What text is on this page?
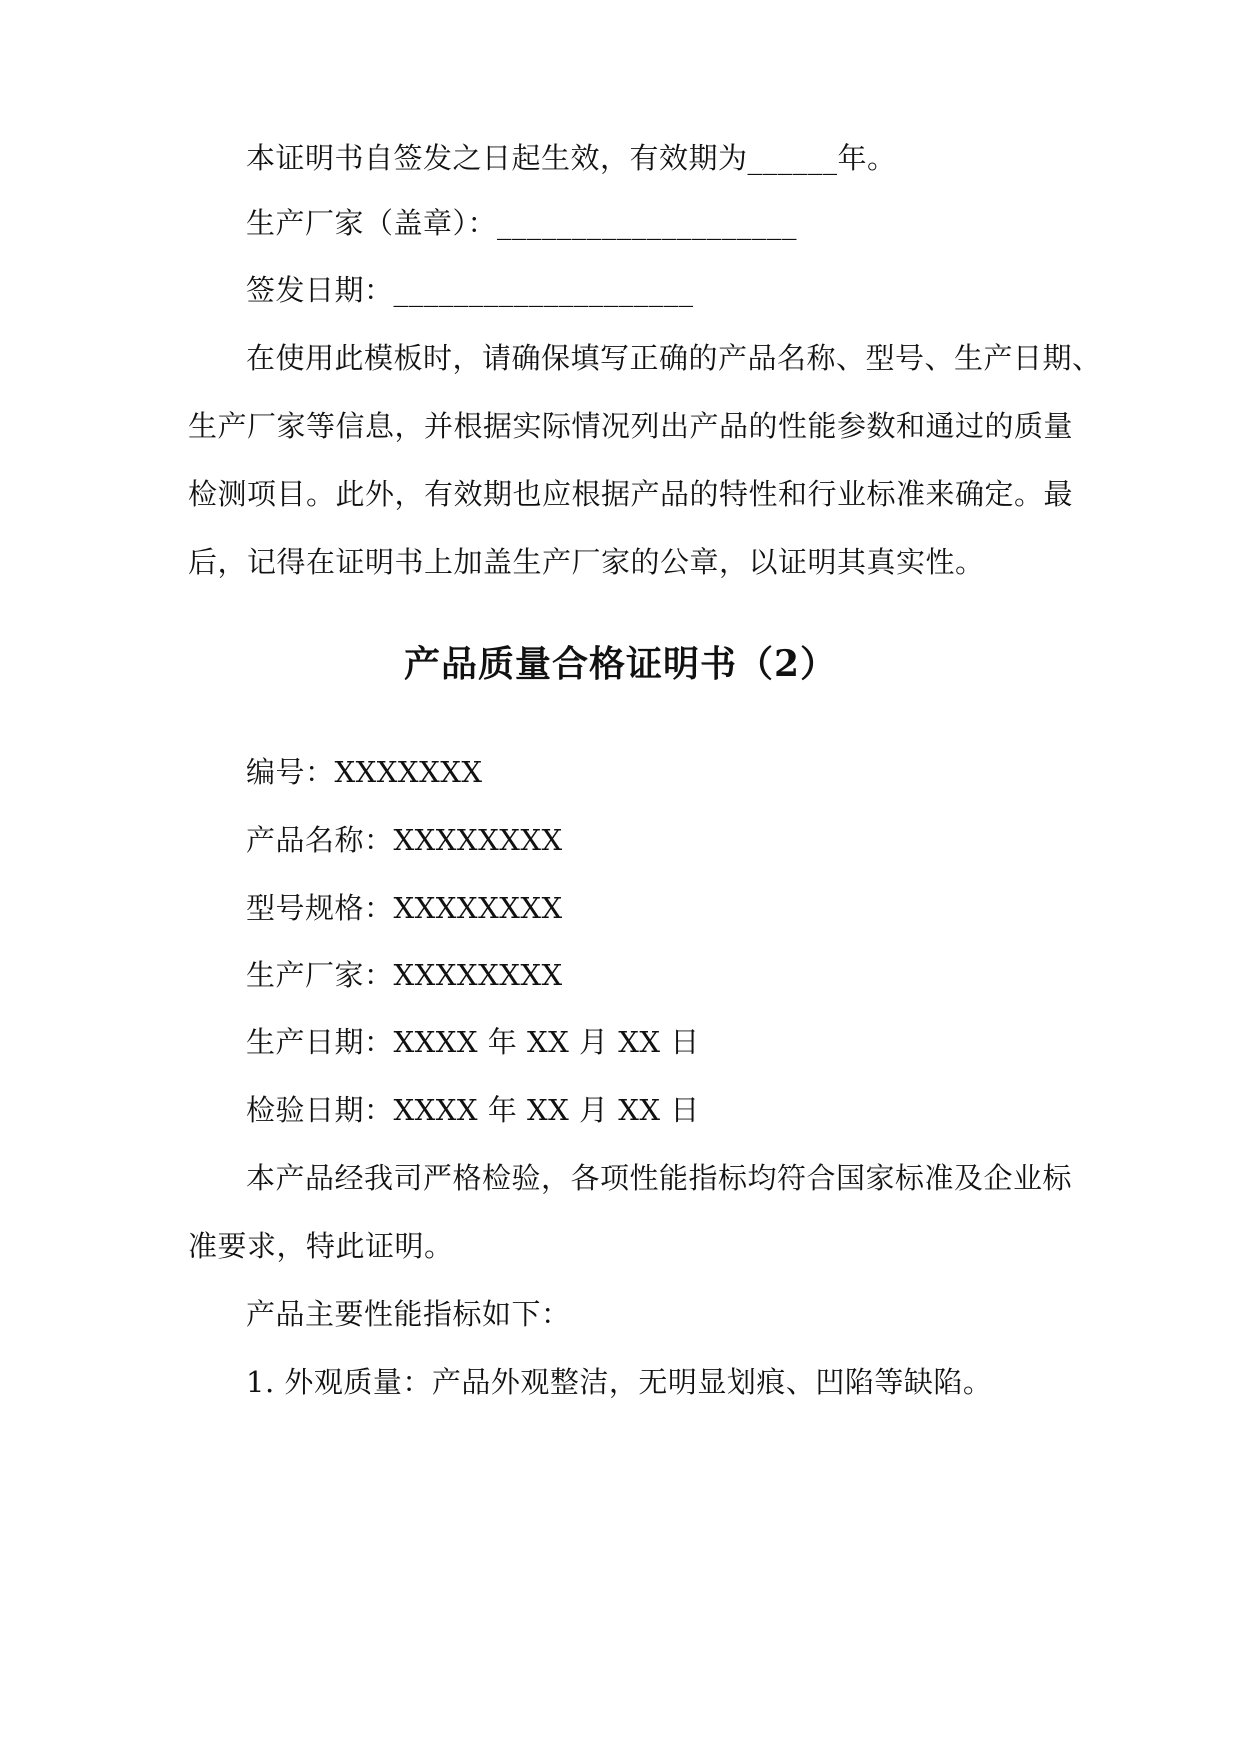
本证明书自签发之日起生效，有效期为______年。
生产厂家（盖章）：____________________
签发日期：____________________
在使用此模板时，请确保填写正确的产品名称、型号、生产日期、
生产厂家等信息，并根据实际情况列出产品的性能参数和通过的质量
检测项目。此外，有效期也应根据产品的特性和行业标准来确定。最
后，记得在证明书上加盖生产厂家的公章，以证明其真实性。
产品质量合格证明书（2）
编号：XXXXXXX
产品名称：XXXXXXXX
型号规格：XXXXXXXX
生产厂家：XXXXXXXX
生产日期：XXXX 年 XX 月 XX 日
检验日期：XXXX 年 XX 月 XX 日
本产品经我司严格检验，各项性能指标均符合国家标准及企业标
准要求，特此证明。
产品主要性能指标如下：
1. 外观质量：产品外观整洁，无明显划痕、凹陷等缺陷。
